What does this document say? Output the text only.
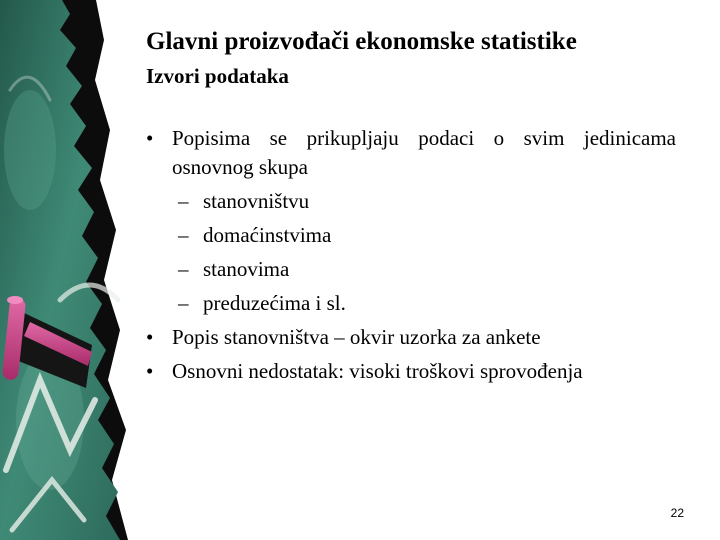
Glavni proizvođači ekonomske statistike
Izvori podataka
• Popisima se prikupljaju podaci o svim jedinicama
osnovnog skupa
– stanovništvu
– domaćinstvima
– stanovima
– preduzećima i sl.
• Popis stanovništva – okvir uzorka za ankete
• Osnovni nedostatak: visoki troškovi sprovođenja
22
